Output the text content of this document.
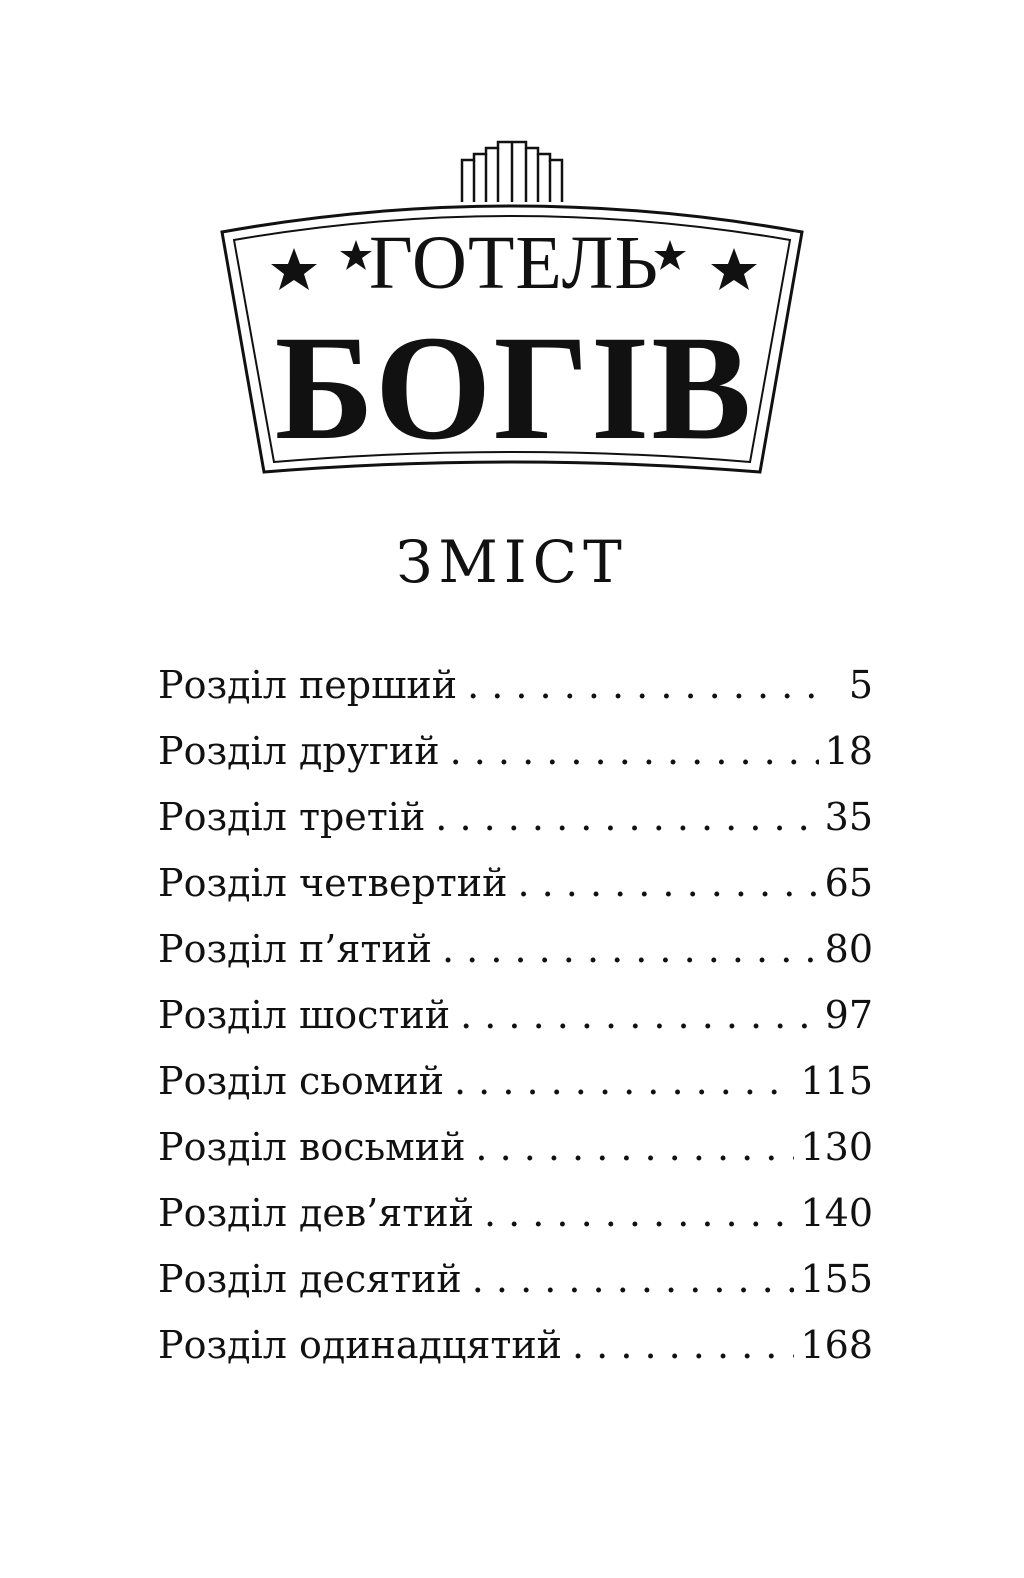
ГОТЕЛЬ
БОГІВ
ЗМІСТ
Розділ перший . . .	5
Розділ другий . . .	18
Розділ третій . . .	35
Розділ четвертий . . .	65
Розділ п’ятий . . .	80
Розділ шостий . . .	97
Розділ сьомий . . .	115
Розділ восьмий . . .	130
Розділ дев’ятий . . .	140
Розділ десятий . . .	155
Розділ одинадцятий . . .	168
